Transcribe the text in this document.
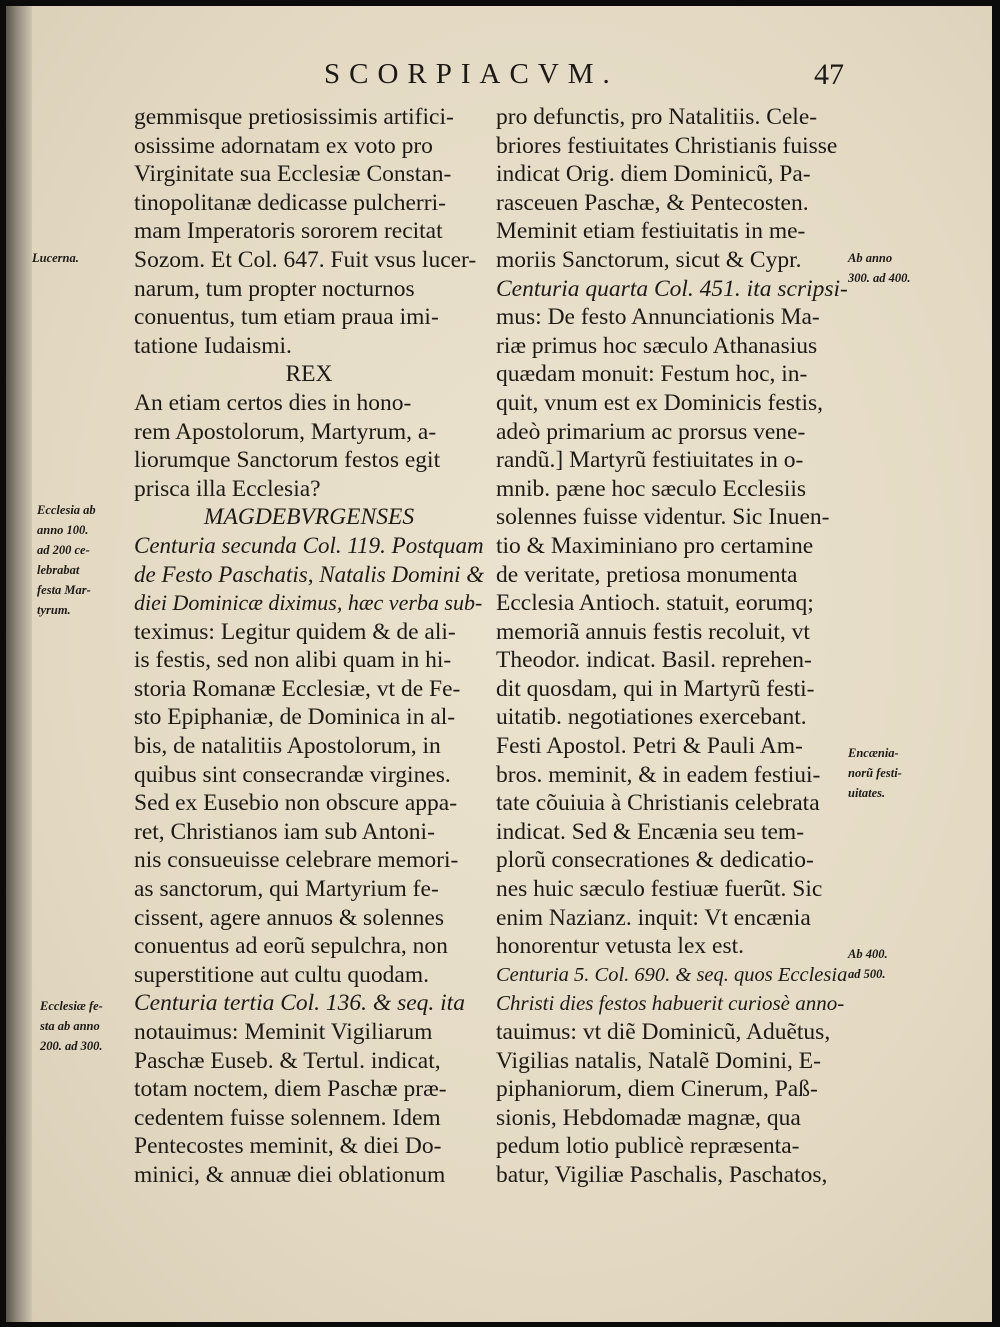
SCORPIACVM.	47
gemmisque pretiosissimis artifici-
osissime adornatam ex voto pro
Virginitate sua Ecclesiæ Constan-
tinopolitanæ dedicasse pulcherri-
mam Imperatoris sororem recitat
Sozom. Et Col. 647. Fuit vsus lucer-
narum, tum propter nocturnos
conuentus, tum etiam praua imi-
tatione Iudaismi.
REX
An etiam certos dies in hono-
rem Apostolorum, Martyrum, a-
liorumque Sanctorum festos egit
prisca illa Ecclesia?
MAGDEBVRGENSES
Centuria secunda Col. 119. Postquam
de Festo Paschatis, Natalis Domini &
diei Dominicæ diximus, hæc verba sub-
teximus: Legitur quidem & de ali-
is festis, sed non alibi quam in hi-
storia Romanæ Ecclesiæ, vt de Fe-
sto Epiphaniæ, de Dominica in al-
bis, de natalitiis Apostolorum, in
quibus sint consecrandæ virgines.
Sed ex Eusebio non obscure appa-
ret, Christianos iam sub Antoni-
nis consueuisse celebrare memori-
as sanctorum, qui Martyrium fe-
cissent, agere annuos & solennes
conuentus ad eorũ sepulchra, non
superstitione aut cultu quodam.
Centuria tertia Col. 136. & seq. ita
notauimus: Meminit Vigiliarum
Paschæ Euseb. & Tertul. indicat,
totam noctem, diem Paschæ præ-
cedentem fuisse solennem. Idem
Pentecostes meminit, & diei Do-
minici, & annuæ diei oblationum
pro defunctis, pro Natalitiis. Cele-
briores festiuitates Christianis fuisse
indicat Orig. diem Dominicũ, Pa-
rasceuen Paschæ, & Pentecosten.
Meminit etiam festiuitatis in me-
moriis Sanctorum, sicut & Cypr.
Centuria quarta Col. 451. ita scripsi-
mus: De festo Annunciationis Ma-
riæ primus hoc sæculo Athanasius
quædam monuit: Festum hoc, in-
quit, vnum est ex Dominicis festis,
adeò primarium ac prorsus vene-
randũ.] Martyrũ festiuitates in o-
mnib. pæne hoc sæculo Ecclesiis
solennes fuisse videntur. Sic Inuen-
tio & Maximiniano pro certamine
de veritate, pretiosa monumenta
Ecclesia Antioch. statuit, eorumq;
memoriã annuis festis recoluit, vt
Theodor. indicat. Basil. reprehen-
dit quosdam, qui in Martyrũ festi-
uitatib. negotiationes exercebant.
Festi Apostol. Petri & Pauli Am-
bros. meminit, & in eadem festiui-
tate cõuiuia à Christianis celebrata
indicat. Sed & Encænia seu tem-
plorũ consecrationes & dedicatio-
nes huic sæculo festiuæ fuerũt. Sic
enim Nazianz. inquit: Vt encænia
honorentur vetusta lex est.
Centuria 5. Col. 690. & seq. quos Ecclesia
Christi dies festos habuerit curiosè anno-
tauimus: vt diẽ Dominicũ, Aduẽtus,
Vigilias natalis, Natalẽ Domini, E-
piphaniorum, diem Cinerum, Paß-
sionis, Hebdomadæ magnæ, qua
pedum lotio publicè repræsenta-
batur, Vigiliæ Paschalis, Paschatos,
Lucerna.
Ecclesia ab
anno 100.
ad 200 ce-
lebrabat
festa Mar-
tyrum.
Ecclesiæ fe-
sta ab anno
200. ad 300.
Ab anno
300. ad 400.
Encænia-
norũ festi-
uitates.
Ab 400.
ad 500.
